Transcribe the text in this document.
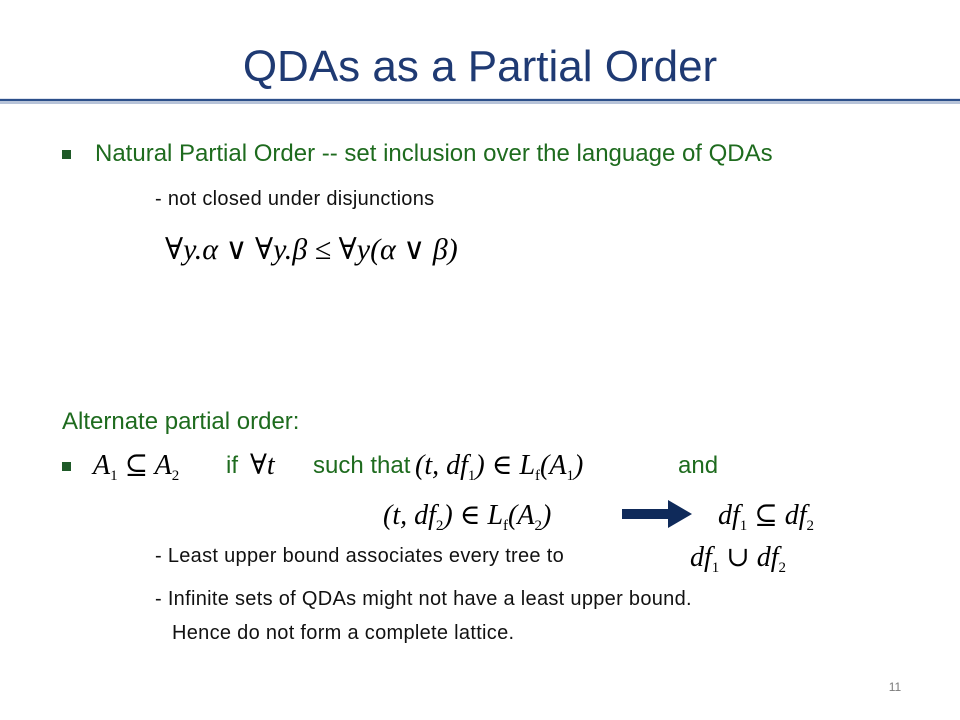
QDAs as a Partial Order
Natural Partial Order -- set inclusion over the language of QDAs
- not closed under disjunctions
∀y.α ∨ ∀y.β ≤ ∀y(α ∨ β)
Alternate partial order:
$A_1$ ⊆ $A_2$ if ∀t such that (t, $df_1$) ∈ $L_f(A_1)$	and
(t, $df_2$) ∈ $L_f(A_2)$	$df_1$ ⊆ $df_2$
- Least upper bound associates every tree to	$df_1$ ∪ $df_2$
- Infinite sets of QDAs might not have a least upper bound.
Hence do not form a complete lattice.
11
